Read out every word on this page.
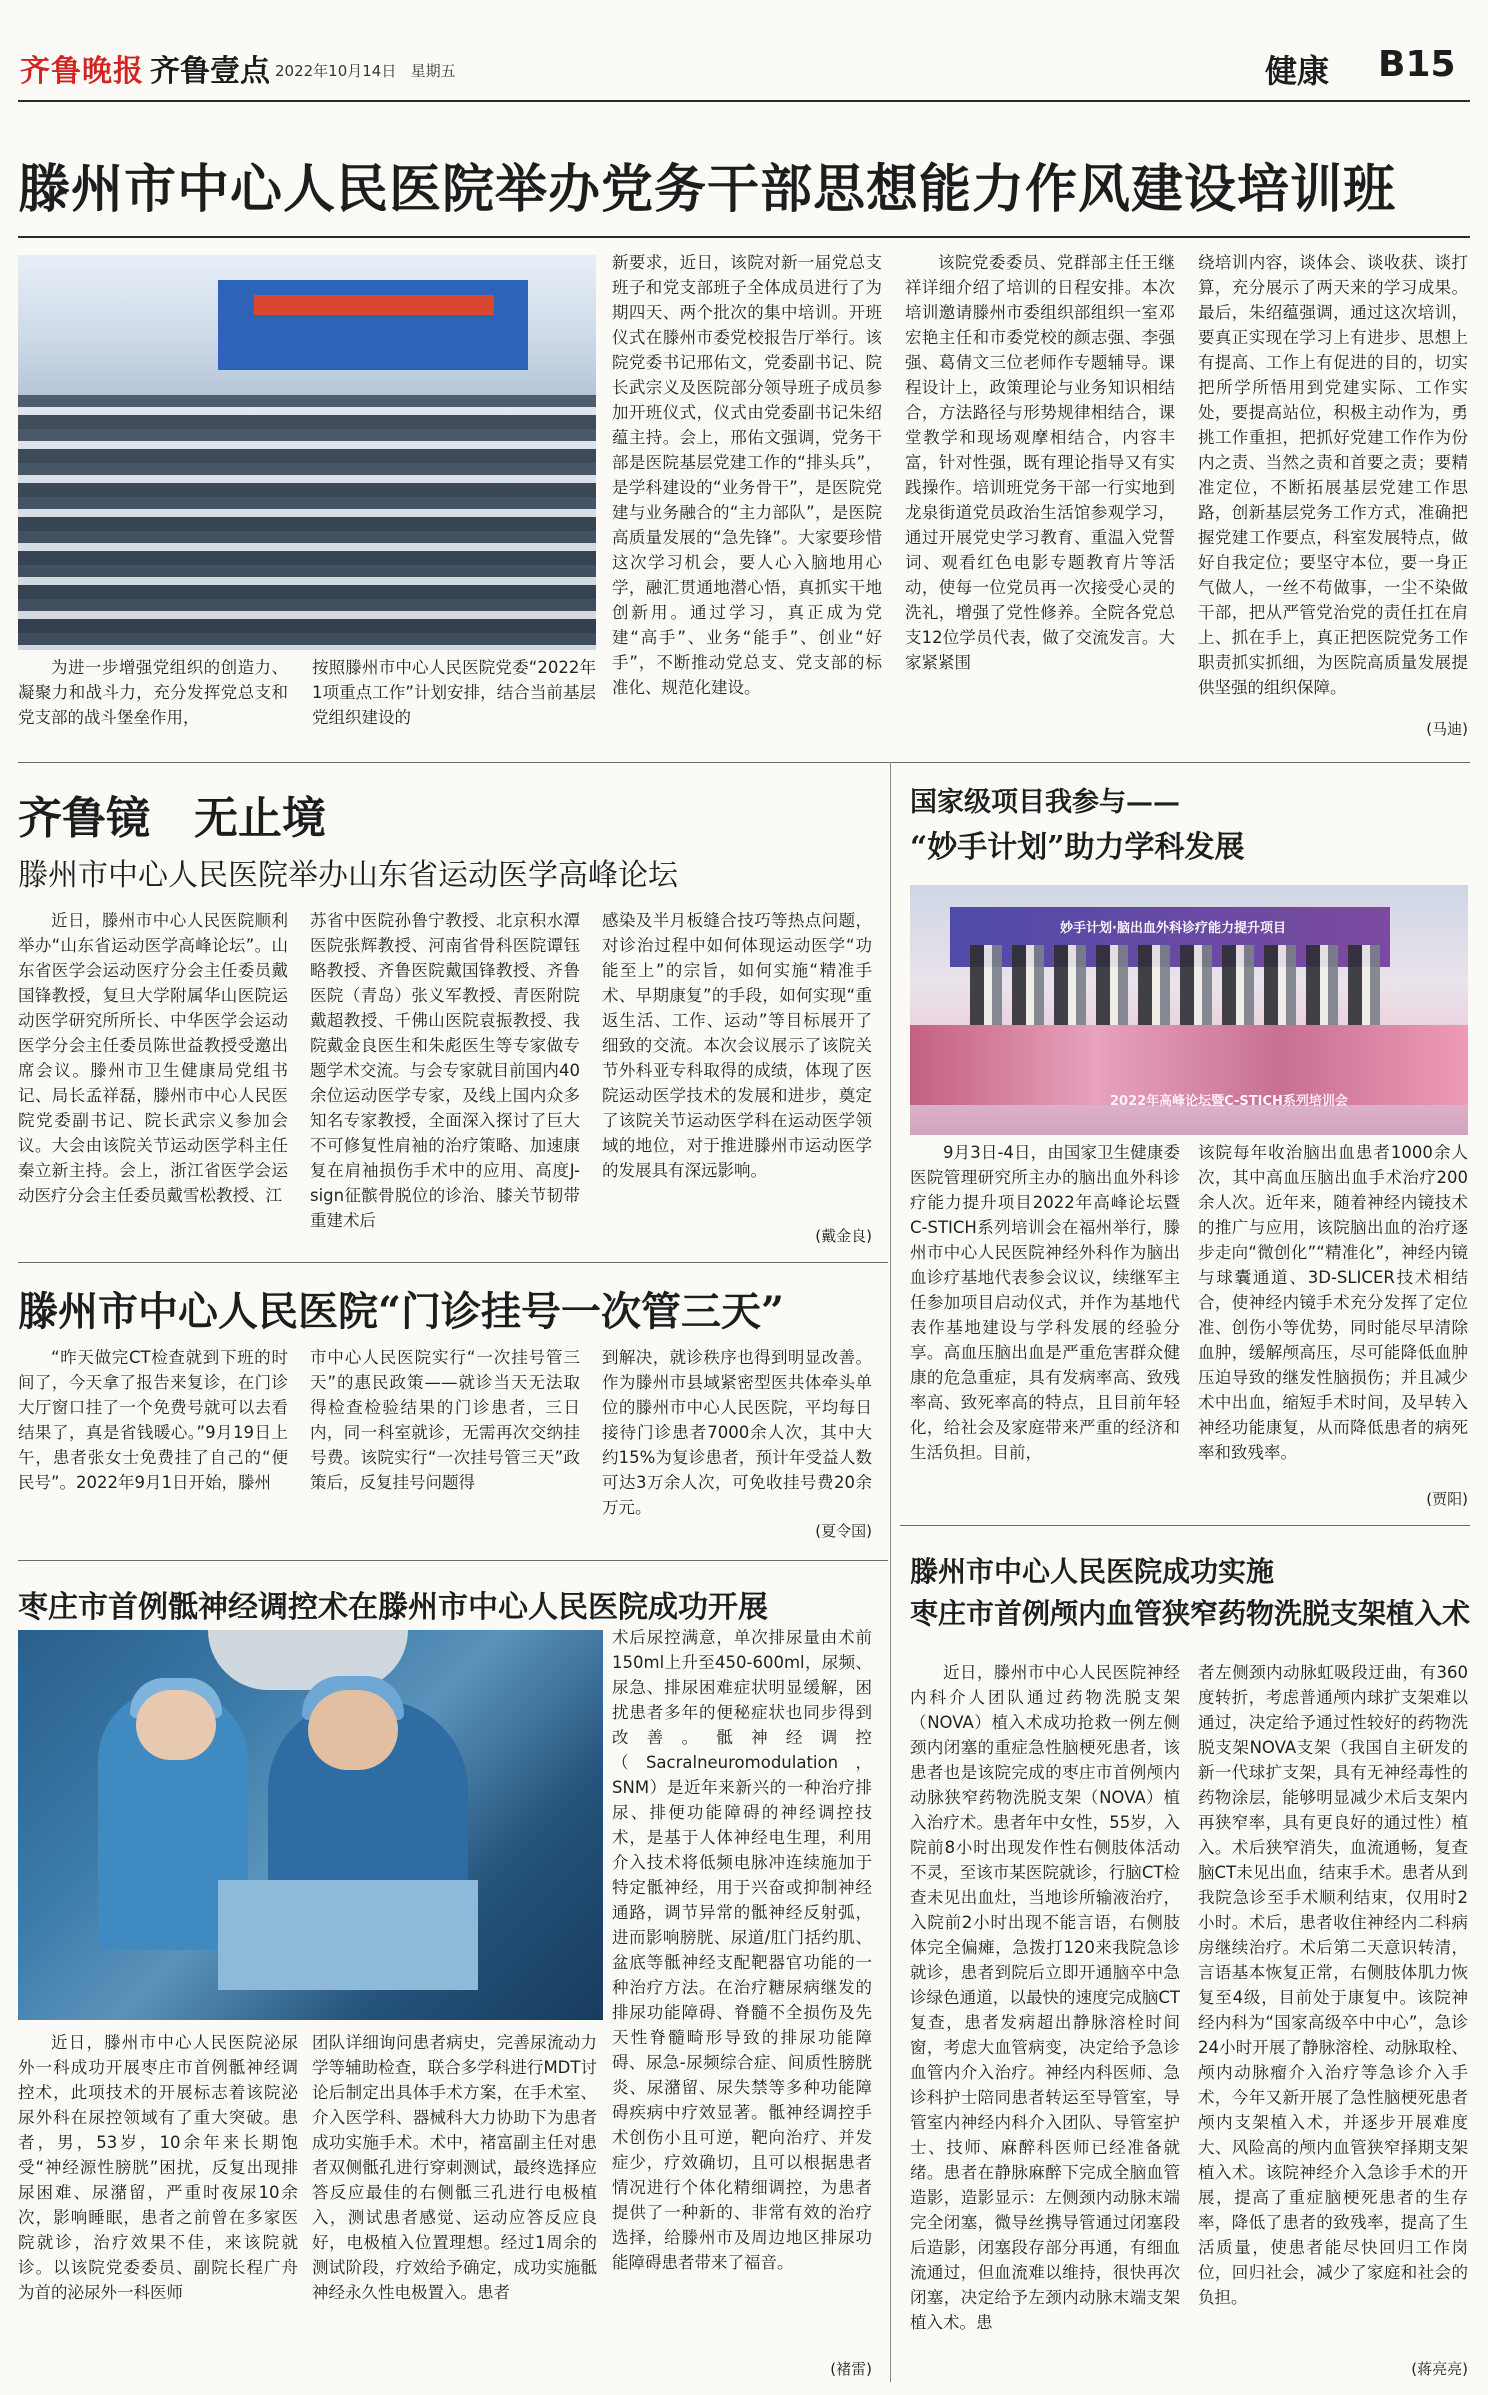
齐鲁晚报 齐鲁壹点 2022年10月14日 星期五	健康 B15
滕州市中心人民医院举办党务干部思想能力作风建设培训班

为进一步增强党组织的创造力、凝聚力和战斗力，充分发挥党总支和党支部的战斗堡垒作用，

按照滕州市中心人民医院党委“2022年1项重点工作”计划安排，结合当前基层党组织建设的

新要求，近日，该院对新一届党总支班子和党支部班子全体成员进行了为期四天、两个批次的集中培训。开班仪式在滕州市委党校报告厅举行。该院党委书记邢佑文，党委副书记、院长武宗义及医院部分领导班子成员参加开班仪式，仪式由党委副书记朱绍蕴主持。会上，邢佑文强调，党务干部是医院基层党建工作的“排头兵”，是学科建设的“业务骨干”，是医院党建与业务融合的“主力部队”，是医院高质量发展的“急先锋”。大家要珍惜这次学习机会，要人心入脑地用心学，融汇贯通地潜心悟，真抓实干地创新用。通过学习，真正成为党建“高手”、业务“能手”、创业“好手”，不断推动党总支、党支部的标准化、规范化建设。

该院党委委员、党群部主任王继祥详细介绍了培训的日程安排。本次培训邀请滕州市委组织部组织一室邓宏艳主任和市委党校的颜志强、李强强、葛倩文三位老师作专题辅导。课程设计上，政策理论与业务知识相结合，方法路径与形势规律相结合，课堂教学和现场观摩相结合，内容丰富，针对性强，既有理论指导又有实践操作。培训班党务干部一行实地到龙泉街道党员政治生活馆参观学习，通过开展党史学习教育、重温入党誓词、观看红色电影专题教育片等活动，使每一位党员再一次接受心灵的洗礼，增强了党性修养。全院各党总支12位学员代表，做了交流发言。大家紧紧围

绕培训内容，谈体会、谈收获、谈打算，充分展示了两天来的学习成果。最后，朱绍蕴强调，通过这次培训，要真正实现在学习上有进步、思想上有提高、工作上有促进的目的，切实把所学所悟用到党建实际、工作实处，要提高站位，积极主动作为，勇挑工作重担，把抓好党建工作作为份内之责、当然之责和首要之责；要精准定位，不断拓展基层党建工作思路，创新基层党务工作方式，准确把握党建工作要点，科室发展特点，做好自我定位；要坚守本位，要一身正气做人，一丝不苟做事，一尘不染做干部，把从严管党治党的责任扛在肩上、抓在手上，真正把医院党务工作职责抓实抓细，为医院高质量发展提供坚强的组织保障。

(马迪)
齐鲁镜　无止境
滕州市中心人民医院举办山东省运动医学高峰论坛

近日，滕州市中心人民医院顺利举办“山东省运动医学高峰论坛”。山东省医学会运动医疗分会主任委员戴国锋教授，复旦大学附属华山医院运动医学研究所所长、中华医学会运动医学分会主任委员陈世益教授受邀出席会议。滕州市卫生健康局党组书记、局长孟祥磊，滕州市中心人民医院党委副书记、院长武宗义参加会议。大会由该院关节运动医学科主任秦立新主持。会上，浙江省医学会运动医疗分会主任委员戴雪松教授、江

苏省中医院孙鲁宁教授、北京积水潭医院张辉教授、河南省骨科医院谭钰略教授、齐鲁医院戴国锋教授、齐鲁医院（青岛）张义军教授、青医附院戴超教授、千佛山医院袁振教授、我院戴金良医生和朱彪医生等专家做专题学术交流。与会专家就目前国内40余位运动医学专家，及线上国内众多知名专家教授，全面深入探讨了巨大不可修复性肩袖的治疗策略、加速康复在肩袖损伤手术中的应用、高度J-sign征髌骨脱位的诊治、膝关节韧带重建术后

感染及半月板缝合技巧等热点问题，对诊治过程中如何体现运动医学“功能至上”的宗旨，如何实施“精准手术、早期康复”的手段，如何实现“重返生活、工作、运动”等目标展开了细致的交流。本次会议展示了该院关节外科亚专科取得的成绩，体现了医院运动医学技术的发展和进步，奠定了该院关节运动医学科在运动医学领域的地位，对于推进滕州市运动医学的发展具有深远影响。

(戴金良)
国家级项目我参与——
“妙手计划”助力学科发展
妙手计划·脑出血外科诊疗能力提升项目
2022年高峰论坛暨C-STICH系列培训会

9月3日-4日，由国家卫生健康委医院管理研究所主办的脑出血外科诊疗能力提升项目2022年高峰论坛暨C-STICH系列培训会在福州举行，滕州市中心人民医院神经外科作为脑出血诊疗基地代表参会议议，续继军主任参加项目启动仪式，并作为基地代表作基地建设与学科发展的经验分享。高血压脑出血是严重危害群众健康的危急重症，具有发病率高、致残率高、致死率高的特点，且目前年轻化，给社会及家庭带来严重的经济和生活负担。目前，

该院每年收治脑出血患者1000余人次，其中高血压脑出血手术治疗200余人次。近年来，随着神经内镜技术的推广与应用，该院脑出血的治疗逐步走向“微创化”“精准化”，神经内镜与球囊通道、3D-SLICER技术相结合，使神经内镜手术充分发挥了定位准、创伤小等优势，同时能尽早清除血肿，缓解颅高压，尽可能降低血肿压迫导致的继发性脑损伤；并且减少术中出血，缩短手术时间，及早转入神经功能康复，从而降低患者的病死率和致残率。

(贾阳)
滕州市中心人民医院“门诊挂号一次管三天”

“昨天做完CT检查就到下班的时间了，今天拿了报告来复诊，在门诊大厅窗口挂了一个免费号就可以去看结果了，真是省钱暖心。”9月19日上午，患者张女士免费挂了自己的“便民号”。2022年9月1日开始，滕州

市中心人民医院实行“一次挂号管三天”的惠民政策——就诊当天无法取得检查检验结果的门诊患者，三日内，同一科室就诊，无需再次交纳挂号费。该院实行“一次挂号管三天”政策后，反复挂号问题得

到解决，就诊秩序也得到明显改善。作为滕州市县域紧密型医共体牵头单位的滕州市中心人民医院，平均每日接待门诊患者7000余人次，其中大约15%为复诊患者，预计年受益人数可达3万余人次，可免收挂号费20余万元。

(夏令国)
枣庄市首例骶神经调控术在滕州市中心人民医院成功开展

术后尿控满意，单次排尿量由术前150ml上升至450-600ml，尿频、尿急、排尿困难症状明显缓解，困扰患者多年的便秘症状也同步得到改善。骶神经调控（Sacralneuromodulation，SNM）是近年来新兴的一种治疗排尿、排便功能障碍的神经调控技术，是基于人体神经电生理，利用介入技术将低频电脉冲连续施加于特定骶神经，用于兴奋或抑制神经通路，调节异常的骶神经反射弧，进而影响膀胱、尿道/肛门括约肌、盆底等骶神经支配靶器官功能的一种治疗方法。在治疗糖尿病继发的排尿功能障碍、脊髓不全损伤及先天性脊髓畸形导致的排尿功能障碍、尿急-尿频综合症、间质性膀胱炎、尿潴留、尿失禁等多种功能障碍疾病中疗效显著。骶神经调控手术创伤小且可逆，靶向治疗、并发症少，疗效确切，且可以根据患者情况进行个体化精细调控，为患者提供了一种新的、非常有效的治疗选择，给滕州市及周边地区排尿功能障碍患者带来了福音。

近日，滕州市中心人民医院泌尿外一科成功开展枣庄市首例骶神经调控术，此项技术的开展标志着该院泌尿外科在尿控领域有了重大突破。患者，男，53岁，10余年来长期饱受“神经源性膀胱”困扰，反复出现排尿困难、尿潴留，严重时夜尿10余次，影响睡眠，患者之前曾在多家医院就诊，治疗效果不佳，来该院就诊。以该院党委委员、副院长程广舟为首的泌尿外一科医师

团队详细询问患者病史，完善尿流动力学等辅助检查，联合多学科进行MDT讨论后制定出具体手术方案，在手术室、介入医学科、器械科大力协助下为患者成功实施手术。术中，褚富副主任对患者双侧骶孔进行穿刺测试，最终选择应答反应最佳的右侧骶三孔进行电极植入，测试患者感觉、运动应答反应良好，电极植入位置理想。经过1周余的测试阶段，疗效给予确定，成功实施骶神经永久性电极置入。患者

(褚雷)
滕州市中心人民医院成功实施
枣庄市首例颅内血管狭窄药物洗脱支架植入术

近日，滕州市中心人民医院神经内科介人团队通过药物洗脱支架（NOVA）植入术成功抢救一例左侧颈内闭塞的重症急性脑梗死患者，该患者也是该院完成的枣庄市首例颅内动脉狭窄药物洗脱支架（NOVA）植入治疗术。患者年中女性，55岁，入院前8小时出现发作性右侧肢体活动不灵，至该市某医院就诊，行脑CT检查未见出血灶，当地诊所输液治疗，入院前2小时出现不能言语，右侧肢体完全偏瘫，急拨打120来我院急诊就诊，患者到院后立即开通脑卒中急诊绿色通道，以最快的速度完成脑CT复查，患者发病超出静脉溶栓时间窗，考虑大血管病变，决定给予急诊血管内介入治疗。神经内科医师、急诊科护士陪同患者转运至导管室，导管室内神经内科介入团队、导管室护士、技师、麻醉科医师已经准备就绪。患者在静脉麻醉下完成全脑血管造影，造影显示：左侧颈内动脉末端完全闭塞，微导丝携导管通过闭塞段后造影，闭塞段存部分再通，有细血流通过，但血流难以维持，很快再次闭塞，决定给予左颈内动脉末端支架植入术。患

者左侧颈内动脉虹吸段迂曲，有360度转折，考虑普通颅内球扩支架难以通过，决定给予通过性较好的药物洗脱支架NOVA支架（我国自主研发的新一代球扩支架，具有无神经毒性的药物涂层，能够明显减少术后支架内再狭窄率，具有更良好的通过性）植入。术后狭窄消失，血流通畅，复查脑CT未见出血，结束手术。患者从到我院急诊至手术顺利结束，仅用时2小时。术后，患者收住神经内二科病房继续治疗。术后第二天意识转清，言语基本恢复正常，右侧肢体肌力恢复至4级，目前处于康复中。该院神经内科为“国家高级卒中中心”，急诊24小时开展了静脉溶栓、动脉取栓、颅内动脉瘤介入治疗等急诊介入手术，今年又新开展了急性脑梗死患者颅内支架植入术，并逐步开展难度大、风险高的颅内血管狭窄择期支架植入术。该院神经介入急诊手术的开展，提高了重症脑梗死患者的生存率，降低了患者的致残率，提高了生活质量，使患者能尽快回归工作岗位，回归社会，减少了家庭和社会的负担。

(蒋亮亮)
